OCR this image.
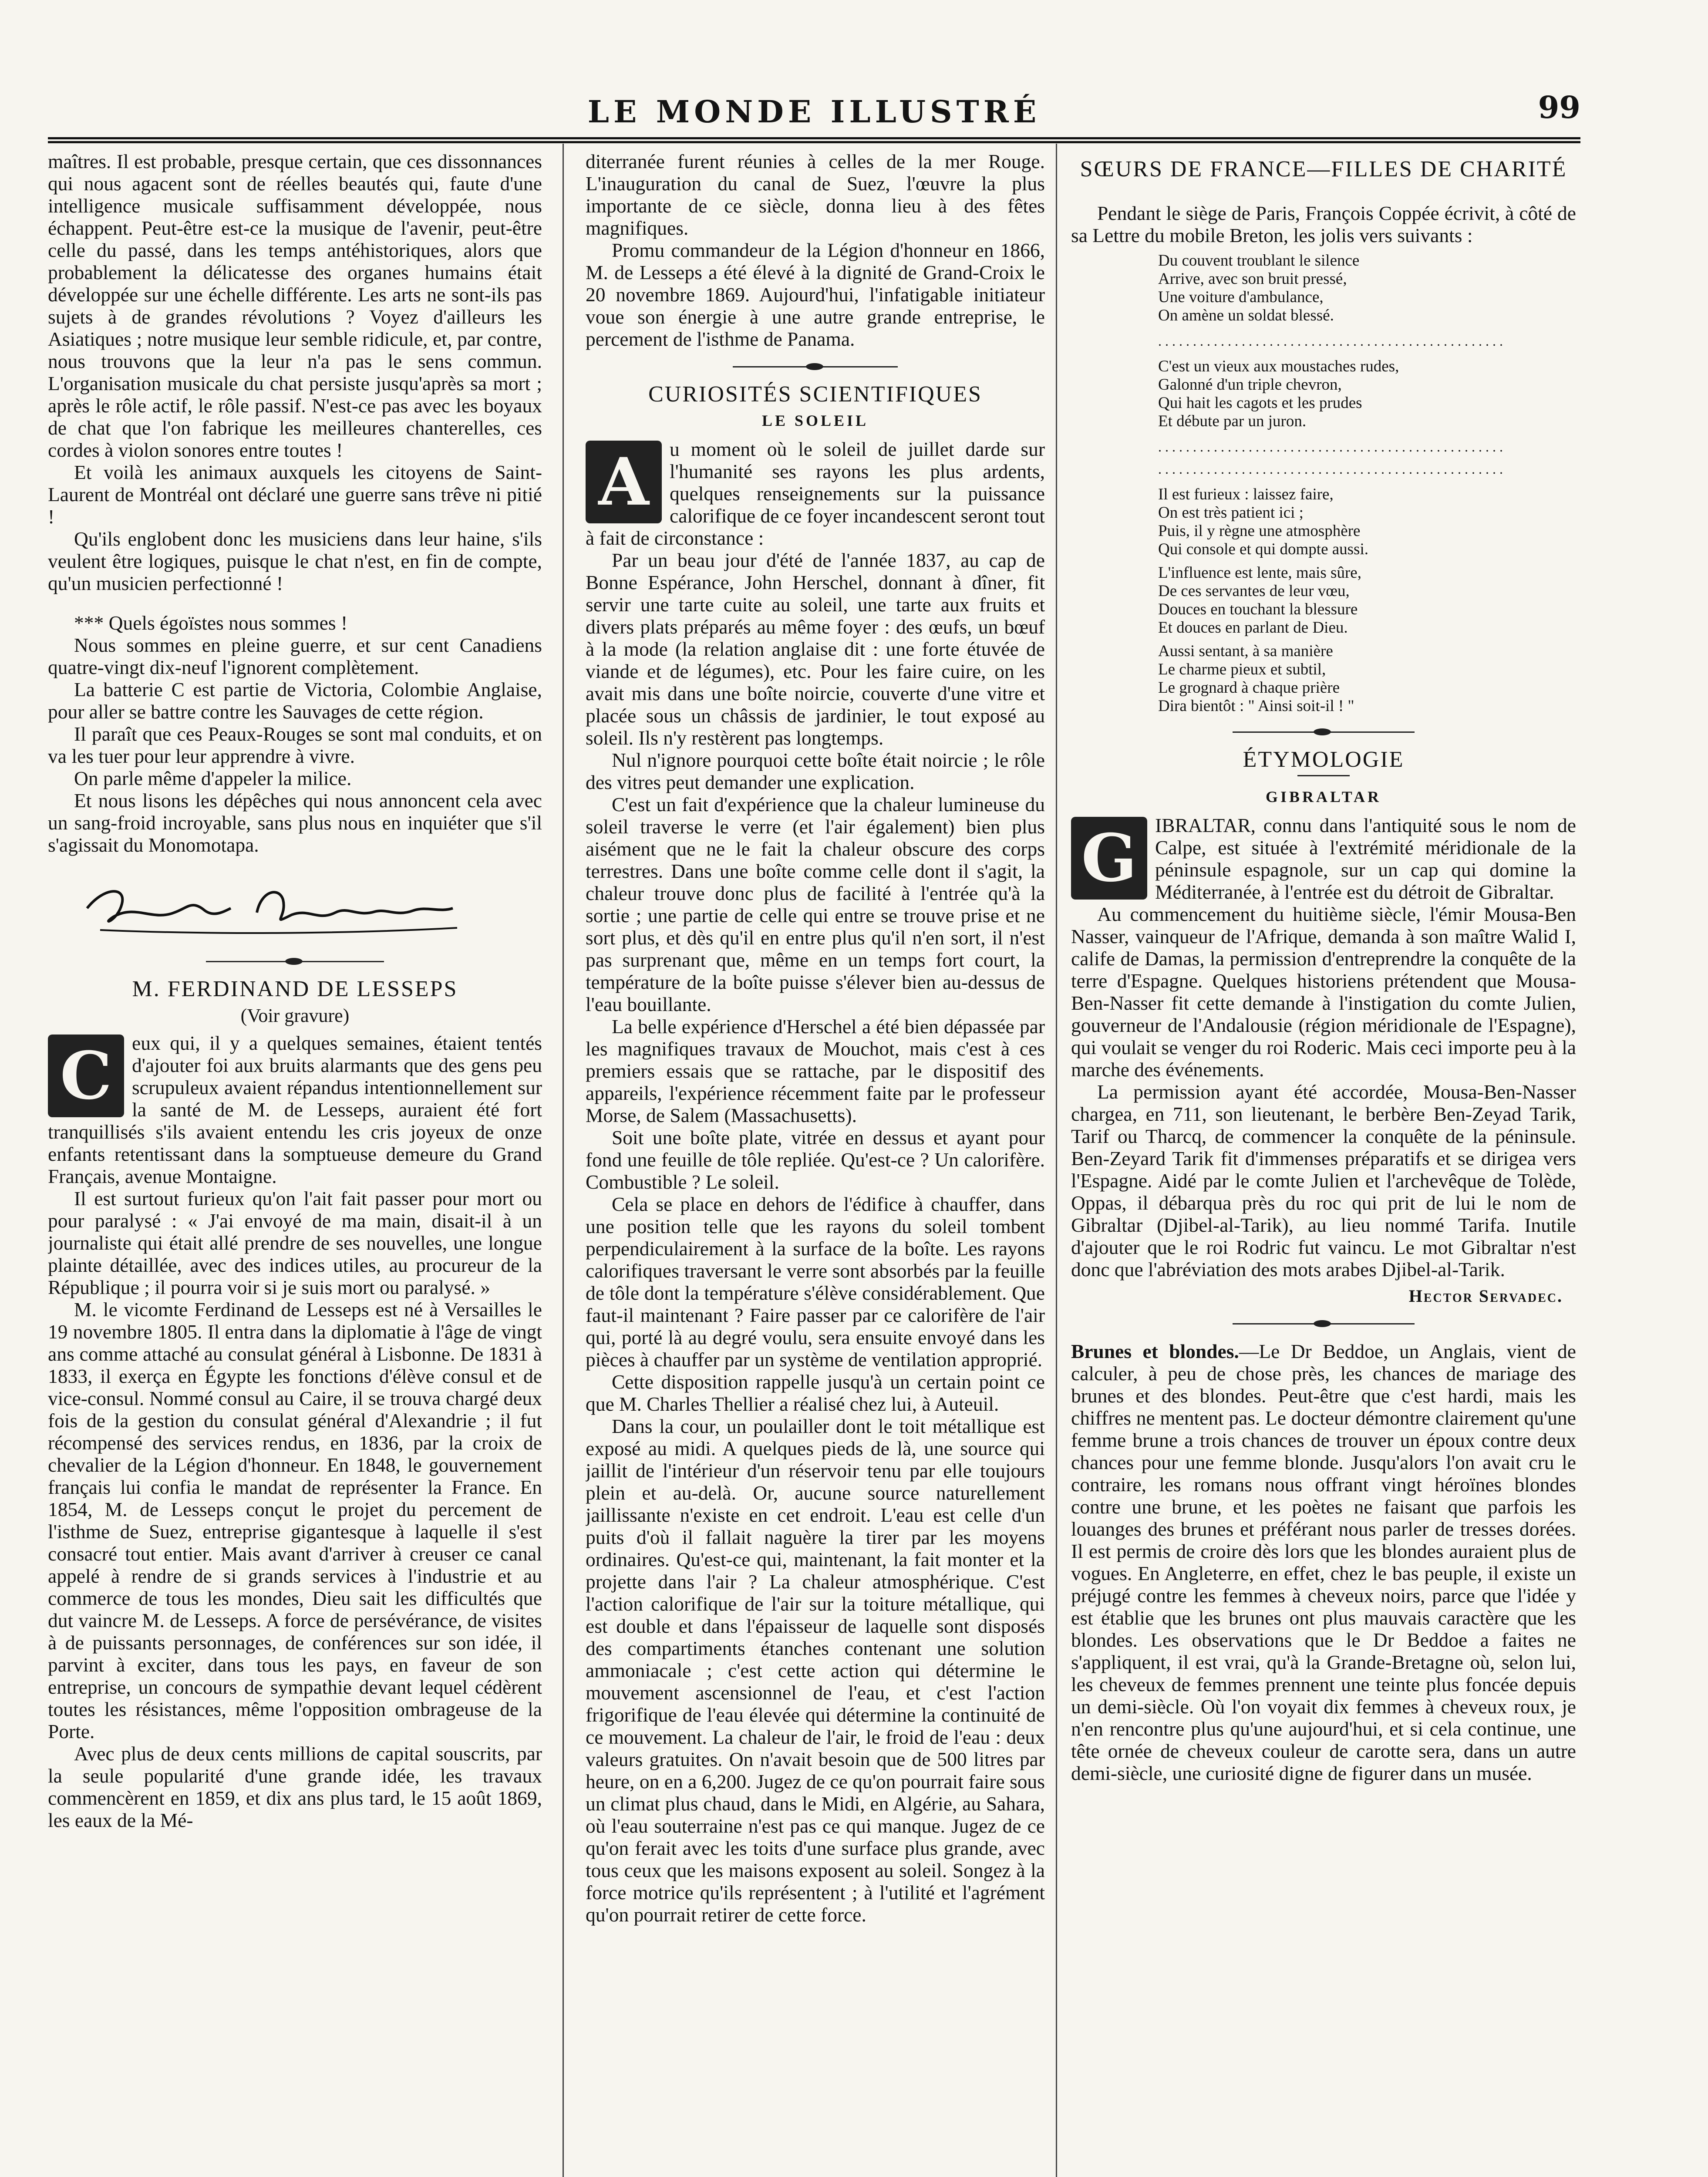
LE MONDE ILLUSTRÉ	99

maîtres. Il est probable, presque certain, que ces dissonnances qui nous agacent sont de réelles beautés qui, faute d'une intelligence musicale suffisamment développée, nous échappent. Peut-être est-ce la musique de l'avenir, peut-être celle du passé, dans les temps antéhistoriques, alors que probablement la délicatesse des organes humains était développée sur une échelle différente. Les arts ne sont-ils pas sujets à de grandes révolutions ? Voyez d'ailleurs les Asiatiques ; notre musique leur semble ridicule, et, par contre, nous trouvons que la leur n'a pas le sens commun. L'organisation musicale du chat persiste jusqu'après sa mort ; après le rôle actif, le rôle passif. N'est-ce pas avec les boyaux de chat que l'on fabrique les meilleures chanterelles, ces cordes à violon sonores entre toutes !

Et voilà les animaux auxquels les citoyens de Saint-Laurent de Montréal ont déclaré une guerre sans trêve ni pitié !

Qu'ils englobent donc les musiciens dans leur haine, s'ils veulent être logiques, puisque le chat n'est, en fin de compte, qu'un musicien perfectionné !

*** Quels égoïstes nous sommes !

Nous sommes en pleine guerre, et sur cent Canadiens quatre-vingt dix-neuf l'ignorent complètement.

La batterie C est partie de Victoria, Colombie Anglaise, pour aller se battre contre les Sauvages de cette région.

Il paraît que ces Peaux-Rouges se sont mal conduits, et on va les tuer pour leur apprendre à vivre.

On parle même d'appeler la milice.

Et nous lisons les dépêches qui nous annoncent cela avec un sang-froid incroyable, sans plus nous en inquiéter que s'il s'agissait du Monomotapa.

M. FERDINAND DE LESSEPS
(Voir gravure)
C	eux qui, il y a quelques semaines, étaient tentés d'ajouter foi aux bruits alarmants que des gens peu scrupuleux avaient répandus intentionnellement sur la santé de M. de Lesseps, auraient été fort tranquillisés s'ils avaient entendu les cris joyeux de onze enfants retentissant dans la somptueuse demeure du Grand Français, avenue Montaigne.

Il est surtout furieux qu'on l'ait fait passer pour mort ou pour paralysé : « J'ai envoyé de ma main, disait-il à un journaliste qui était allé prendre de ses nouvelles, une longue plainte détaillée, avec des indices utiles, au procureur de la République ; il pourra voir si je suis mort ou paralysé. »

M. le vicomte Ferdinand de Lesseps est né à Versailles le 19 novembre 1805. Il entra dans la diplomatie à l'âge de vingt ans comme attaché au consulat général à Lisbonne. De 1831 à 1833, il exerça en Égypte les fonctions d'élève consul et de vice-consul. Nommé consul au Caire, il se trouva chargé deux fois de la gestion du consulat général d'Alexandrie ; il fut récompensé des services rendus, en 1836, par la croix de chevalier de la Légion d'honneur. En 1848, le gouvernement français lui confia le mandat de représenter la France. En 1854, M. de Lesseps conçut le projet du percement de l'isthme de Suez, entreprise gigantesque à laquelle il s'est consacré tout entier. Mais avant d'arriver à creuser ce canal appelé à rendre de si grands services à l'industrie et au commerce de tous les mondes, Dieu sait les difficultés que dut vaincre M. de Lesseps. A force de persévérance, de visites à de puissants personnages, de conférences sur son idée, il parvint à exciter, dans tous les pays, en faveur de son entreprise, un concours de sympathie devant lequel cédèrent toutes les résistances, même l'opposition ombrageuse de la Porte.

Avec plus de deux cents millions de capital souscrits, par la seule popularité d'une grande idée, les travaux commencèrent en 1859, et dix ans plus tard, le 15 août 1869, les eaux de la Mé-

diterranée furent réunies à celles de la mer Rouge. L'inauguration du canal de Suez, l'œuvre la plus importante de ce siècle, donna lieu à des fêtes magnifiques.

Promu commandeur de la Légion d'honneur en 1866, M. de Lesseps a été élevé à la dignité de Grand-Croix le 20 novembre 1869. Aujourd'hui, l'infatigable initiateur voue son énergie à une autre grande entreprise, le percement de l'isthme de Panama.

CURIOSITÉS SCIENTIFIQUES
LE SOLEIL
A	u moment où le soleil de juillet darde sur l'humanité ses rayons les plus ardents, quelques renseignements sur la puissance calorifique de ce foyer incandescent seront tout à fait de circonstance :

Par un beau jour d'été de l'année 1837, au cap de Bonne Espérance, John Herschel, donnant à dîner, fit servir une tarte cuite au soleil, une tarte aux fruits et divers plats préparés au même foyer : des œufs, un bœuf à la mode (la relation anglaise dit : une forte étuvée de viande et de légumes), etc. Pour les faire cuire, on les avait mis dans une boîte noircie, couverte d'une vitre et placée sous un châssis de jardinier, le tout exposé au soleil. Ils n'y restèrent pas longtemps.

Nul n'ignore pourquoi cette boîte était noircie ; le rôle des vitres peut demander une explication.

C'est un fait d'expérience que la chaleur lumineuse du soleil traverse le verre (et l'air également) bien plus aisément que ne le fait la chaleur obscure des corps terrestres. Dans une boîte comme celle dont il s'agit, la chaleur trouve donc plus de facilité à l'entrée qu'à la sortie ; une partie de celle qui entre se trouve prise et ne sort plus, et dès qu'il en entre plus qu'il n'en sort, il n'est pas surprenant que, même en un temps fort court, la température de la boîte puisse s'élever bien au-dessus de l'eau bouillante.

La belle expérience d'Herschel a été bien dépassée par les magnifiques travaux de Mouchot, mais c'est à ces premiers essais que se rattache, par le dispositif des appareils, l'expérience récemment faite par le professeur Morse, de Salem (Massachusetts).

Soit une boîte plate, vitrée en dessus et ayant pour fond une feuille de tôle repliée. Qu'est-ce ? Un calorifère. Combustible ? Le soleil.

Cela se place en dehors de l'édifice à chauffer, dans une position telle que les rayons du soleil tombent perpendiculairement à la surface de la boîte. Les rayons calorifiques traversant le verre sont absorbés par la feuille de tôle dont la température s'élève considérablement. Que faut-il maintenant ? Faire passer par ce calorifère de l'air qui, porté là au degré voulu, sera ensuite envoyé dans les pièces à chauffer par un système de ventilation approprié.

Cette disposition rappelle jusqu'à un certain point ce que M. Charles Thellier a réalisé chez lui, à Auteuil.

Dans la cour, un poulailler dont le toit métallique est exposé au midi. A quelques pieds de là, une source qui jaillit de l'intérieur d'un réservoir tenu par elle toujours plein et au-delà. Or, aucune source naturellement jaillissante n'existe en cet endroit. L'eau est celle d'un puits d'où il fallait naguère la tirer par les moyens ordinaires. Qu'est-ce qui, maintenant, la fait monter et la projette dans l'air ? La chaleur atmosphérique. C'est l'action calorifique de l'air sur la toiture métallique, qui est double et dans l'épaisseur de laquelle sont disposés des compartiments étanches contenant une solution ammoniacale ; c'est cette action qui détermine le mouvement ascensionnel de l'eau, et c'est l'action frigorifique de l'eau élevée qui détermine la continuité de ce mouvement. La chaleur de l'air, le froid de l'eau : deux valeurs gratuites. On n'avait besoin que de 500 litres par heure, on en a 6,200. Jugez de ce qu'on pourrait faire sous un climat plus chaud, dans le Midi, en Algérie, au Sahara, où l'eau souterraine n'est pas ce qui manque. Jugez de ce qu'on ferait avec les toits d'une surface plus grande, avec tous ceux que les maisons exposent au soleil. Songez à la force motrice qu'ils représentent ; à l'utilité et l'agrément qu'on pourrait retirer de cette force.

SŒURS DE FRANCE—FILLES DE CHARITÉ

Pendant le siège de Paris, François Coppée écrivit, à côté de sa Lettre du mobile Breton, les jolis vers suivants :

Du couvent troublant le silence
Arrive, avec son bruit pressé,
Une voiture d'ambulance,
On amène un soldat blessé.
..................................................
C'est un vieux aux moustaches rudes,
Galonné d'un triple chevron,
Qui hait les cagots et les prudes
Et débute par un juron.
..................................................
..................................................
Il est furieux : laissez faire,
On est très patient ici ;
Puis, il y règne une atmosphère
Qui console et qui dompte aussi.
L'influence est lente, mais sûre,
De ces servantes de leur vœu,
Douces en touchant la blessure
Et douces en parlant de Dieu.
Aussi sentant, à sa manière
Le charme pieux et subtil,
Le grognard à chaque prière
Dira bientôt : " Ainsi soit-il ! "
ÉTYMOLOGIE
GIBRALTAR
G IBRALTAR, connu dans l'antiquité sous le nom de Calpe, est située à l'extrémité méridionale de la péninsule espagnole, sur un cap qui domine la Méditerranée, à l'entrée est du détroit de Gibraltar.

Au commencement du huitième siècle, l'émir Mousa-Ben Nasser, vainqueur de l'Afrique, demanda à son maître Walid I, calife de Damas, la permission d'entreprendre la conquête de la terre d'Espagne. Quelques historiens prétendent que Mousa-Ben-Nasser fit cette demande à l'instigation du comte Julien, gouverneur de l'Andalousie (région méridionale de l'Espagne), qui voulait se venger du roi Roderic. Mais ceci importe peu à la marche des événements.

La permission ayant été accordée, Mousa-Ben-Nasser chargea, en 711, son lieutenant, le berbère Ben-Zeyad Tarik, Tarif ou Tharcq, de commencer la conquête de la péninsule. Ben-Zeyard Tarik fit d'immenses préparatifs et se dirigea vers l'Espagne. Aidé par le comte Julien et l'archevêque de Tolède, Oppas, il débarqua près du roc qui prit de lui le nom de Gibraltar (Djibel-al-Tarik), au lieu nommé Tarifa. Inutile d'ajouter que le roi Rodric fut vaincu. Le mot Gibraltar n'est donc que l'abréviation des mots arabes Djibel-al-Tarik.

Hector Servadec.

Brunes et blondes.—Le Dr Beddoe, un Anglais, vient de calculer, à peu de chose près, les chances de mariage des brunes et des blondes. Peut-être que c'est hardi, mais les chiffres ne mentent pas. Le docteur démontre clairement qu'une femme brune a trois chances de trouver un époux contre deux chances pour une femme blonde. Jusqu'alors l'on avait cru le contraire, les romans nous offrant vingt héroïnes blondes contre une brune, et les poètes ne faisant que parfois les louanges des brunes et préférant nous parler de tresses dorées. Il est permis de croire dès lors que les blondes auraient plus de vogues. En Angleterre, en effet, chez le bas peuple, il existe un préjugé contre les femmes à cheveux noirs, parce que l'idée y est établie que les brunes ont plus mauvais caractère que les blondes. Les observations que le Dr Beddoe a faites ne s'appliquent, il est vrai, qu'à la Grande-Bretagne où, selon lui, les cheveux de femmes prennent une teinte plus foncée depuis un demi-siècle. Où l'on voyait dix femmes à cheveux roux, je n'en rencontre plus qu'une aujourd'hui, et si cela continue, une tête ornée de cheveux couleur de carotte sera, dans un autre demi-siècle, une curiosité digne de figurer dans un musée.
